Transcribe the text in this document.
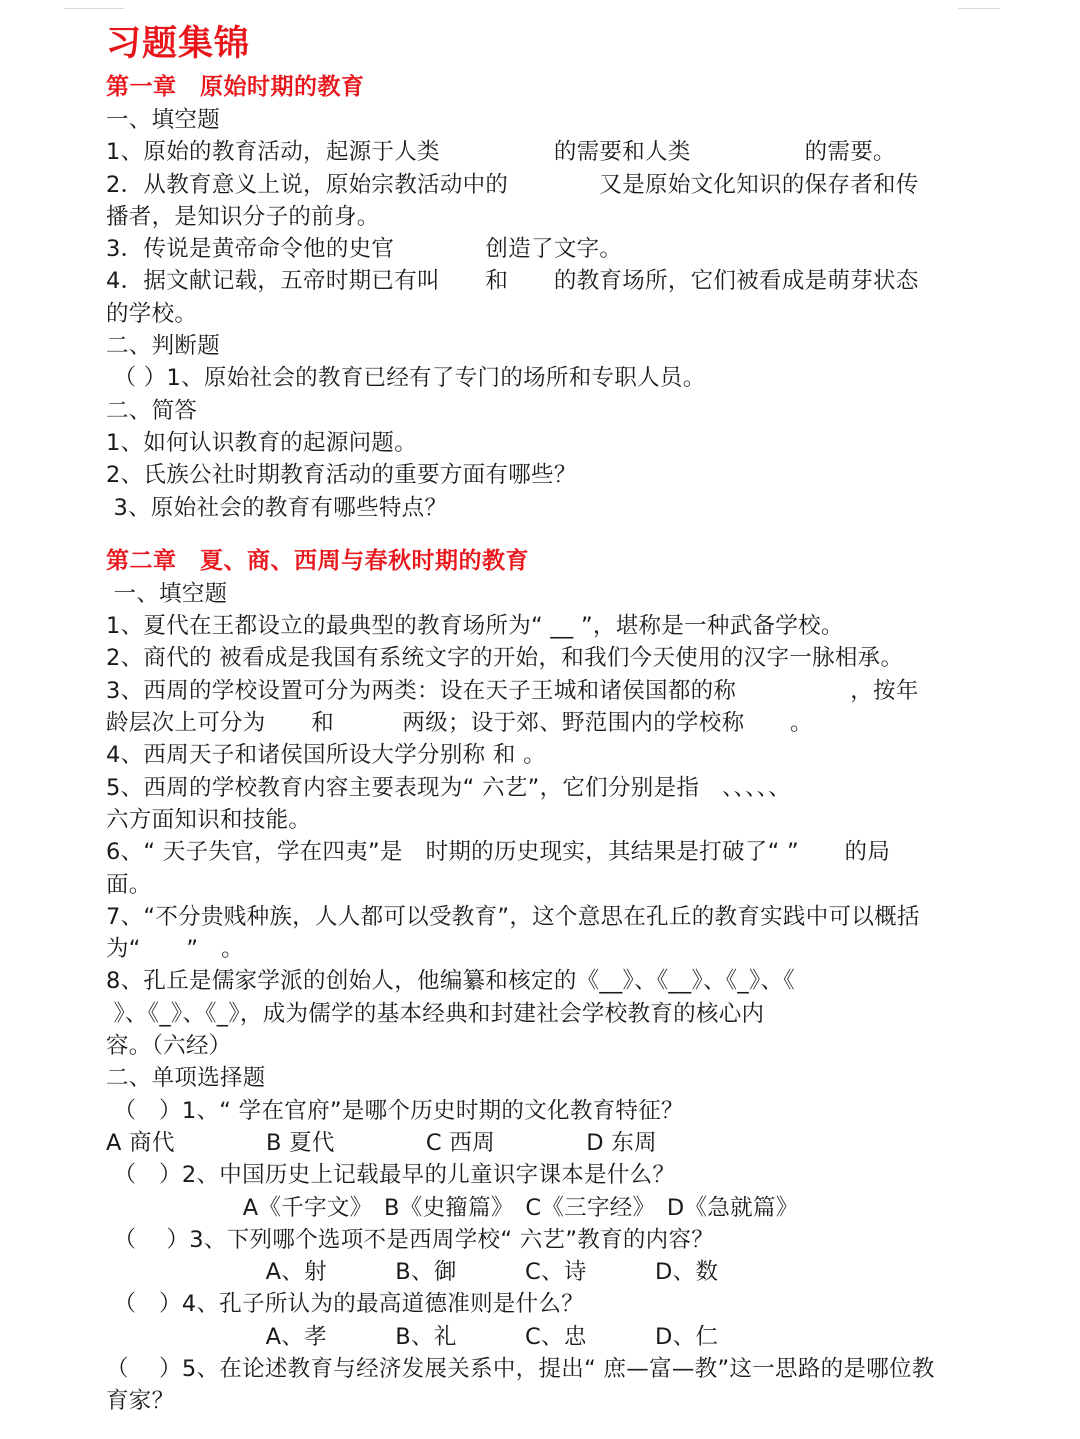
习题集锦
第一章　原始时期的教育
一、填空题
1、原始的教育活动，起源于人类　　　　　的需要和人类　　　　　的需要。
2．从教育意义上说，原始宗教活动中的　　　　又是原始文化知识的保存者和传
播者，是知识分子的前身。
3．传说是黄帝命令他的史官　　　　创造了文字。
4．据文献记载，五帝时期已有叫　　和　　的教育场所，它们被看成是萌芽状态
的学校。
二、判断题
（ ）1、原始社会的教育已经有了专门的场所和专职人员。
二、简答
1、如何认识教育的起源问题。
2、氏族公社时期教育活动的重要方面有哪些？
3、原始社会的教育有哪些特点？
第二章　夏、商、西周与春秋时期的教育
一、填空题
1、夏代在王都设立的最典型的教育场所为“ __ ”，堪称是一种武备学校。
2、商代的 被看成是我国有系统文字的开始，和我们今天使用的汉字一脉相承。
3、西周的学校设置可分为两类：设在天子王城和诸侯国都的称　　　　　，按年
龄层次上可分为　　和　　　两级；设于郊、野范围内的学校称　　。
4、西周天子和诸侯国所设大学分别称 和 。
5、西周的学校教育内容主要表现为“ 六艺”，它们分别是指　、、、、、
六方面知识和技能。
6、“ 天子失官，学在四夷”是　时期的历史现实，其结果是打破了“ ”　　的局
面。
7、“不分贵贱种族，人人都可以受教育”，这个意思在孔丘的教育实践中可以概括
为“　　”　。
8、孔丘是儒家学派的创始人，他编纂和核定的《__》、《__》、《_》、《
》、《_》、《_》，成为儒学的基本经典和封建社会学校教育的核心内
容。（六经）
二、单项选择题
（　）1、“ 学在官府”是哪个历史时期的文化教育特征？
A 商代　　　　B 夏代　　　　C 西周　　　　D 东周
（　）2、中国历史上记载最早的儿童识字课本是什么？
　　　　　　A《千字文》　B《史籀篇》　C《三字经》　D《急就篇》
（　 ）3、下列哪个选项不是西周学校“ 六艺”教育的内容？
　　　　　　　A、射　　　B、御　　　C、诗　　　D、数
（　）4、孔子所认为的最高道德准则是什么？
　　　　　　　A、孝　　　B、礼　　　C、忠　　　D、仁
（　 ）5、在论述教育与经济发展关系中，提出“ 庶—富—教”这一思路的是哪位教
育家？
